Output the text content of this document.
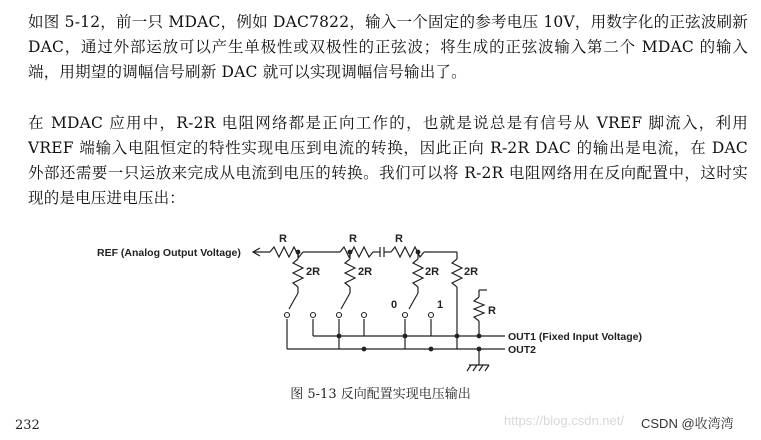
如图 5-12，前一只 MDAC，例如 DAC7822，输入一个固定的参考电压 10V，用数字化的正弦波刷新 DAC，通过外部运放可以产生单极性或双极性的正弦波；将生成的正弦波输入第二个 MDAC 的输入端，用期望的调幅信号刷新 DAC 就可以实现调幅信号输出了。

在 MDAC 应用中，R-2R 电阻网络都是正向工作的，也就是说总是有信号从 VREF 脚流入，利用 VREF 端输入电阻恒定的特性实现电压到电流的转换，因此正向 R-2R DAC 的输出是电流，在 DAC 外部还需要一只运放来完成从电流到电压的转换。我们可以将 R-2R 电阻网络用在反向配置中，这时实现的是电压进电压出：

REF (Analog Output Voltage)
R	R	R
2R	2R	2R 2R
0	1	R
OUT1 (Fixed Input Voltage)
OUT2
图 5-13 反向配置实现电压输出
232	https://blog.csdn.net/ CSDN @收湾湾
